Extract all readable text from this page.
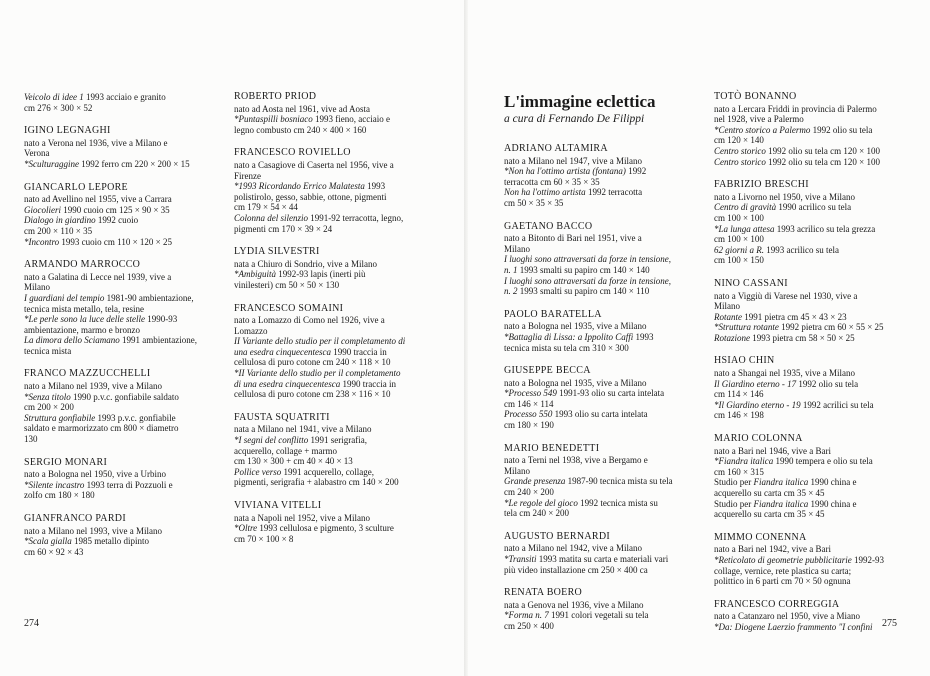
Veicolo di idee 1 1993 acciaio e granito
cm 276 × 300 × 52
IGINO LEGNAGHI
nato a Verona nel 1936, vive a Milano e
Verona
*Sculturaggine 1992 ferro cm 220 × 200 × 15
GIANCARLO LEPORE
nato ad Avellino nel 1955, vive a Carrara
Giocolieri 1990 cuoio cm 125 × 90 × 35
Dialogo in giardino 1992 cuoio
cm 200 × 110 × 35
*Incontro 1993 cuoio cm 110 × 120 × 25
ARMANDO MARROCCO
nato a Galatina di Lecce nel 1939, vive a
Milano
I guardiani del tempio 1981-90 ambientazione,
tecnica mista metallo, tela, resine
*Le perle sono la luce delle stelle 1990-93
ambientazione, marmo e bronzo
La dimora dello Sciamano 1991 ambientazione,
tecnica mista
FRANCO MAZZUCCHELLI
nato a Milano nel 1939, vive a Milano
*Senza titolo 1990 p.v.c. gonfiabile saldato
cm 200 × 200
Struttura gonfiabile 1993 p.v.c. gonfiabile
saldato e marmorizzato cm 800 × diametro
130
SERGIO MONARI
nato a Bologna nel 1950, vive a Urbino
*Silente incastro 1993 terra di Pozzuoli e
zolfo cm 180 × 180
GIANFRANCO PARDI
nato a Milano nel 1993, vive a Milano
*Scala gialla 1985 metallo dipinto
cm 60 × 92 × 43
ROBERTO PRIOD
nato ad Aosta nel 1961, vive ad Aosta
*Puntaspilli bosniaco 1993 fieno, acciaio e
legno combusto cm 240 × 400 × 160
FRANCESCO ROVIELLO
nato a Casagiove di Caserta nel 1956, vive a
Firenze
*1993 Ricordando Errico Malatesta 1993
polistirolo, gesso, sabbie, ottone, pigmenti
cm 179 × 54 × 44
Colonna del silenzio 1991-92 terracotta, legno,
pigmenti cm 170 × 39 × 24
LYDIA SILVESTRI
nata a Chiuro di Sondrio, vive a Milano
*Ambiguità 1992-93 lapis (inerti più
vinilesteri) cm 50 × 50 × 130
FRANCESCO SOMAINI
nato a Lomazzo di Como nel 1926, vive a
Lomazzo
II Variante dello studio per il completamento di
una esedra cinquecentesca 1990 traccia in
cellulosa di puro cotone cm 240 × 118 × 10
*II Variante dello studio per il completamento
di una esedra cinquecentesca 1990 traccia in
cellulosa di puro cotone cm 238 × 116 × 10
FAUSTA SQUATRITI
nata a Milano nel 1941, vive a Milano
*I segni del conflitto 1991 serigrafia,
acquerello, collage + marmo
cm 130 × 300 + cm 40 × 40 × 13
Pollice verso 1991 acquerello, collage,
pigmenti, serigrafia + alabastro cm 140 × 200
VIVIANA VITELLI
nata a Napoli nel 1952, vive a Milano
*Oltre 1993 cellulosa e pigmento, 3 sculture
cm 70 × 100 × 8
L'immagine eclettica
a cura di Fernando De Filippi
ADRIANO ALTAMIRA
nato a Milano nel 1947, vive a Milano
*Non ha l'ottimo artista (fontana) 1992
terracotta cm 60 × 35 × 35
Non ha l'ottimo artista 1992 terracotta
cm 50 × 35 × 35
GAETANO BACCO
nato a Bitonto di Bari nel 1951, vive a
Milano
I luoghi sono attraversati da forze in tensione,
n. 1 1993 smalti su papiro cm 140 × 140
I luoghi sono attraversati da forze in tensione,
n. 2 1993 smalti su papiro cm 140 × 110
PAOLO BARATELLA
nato a Bologna nel 1935, vive a Milano
*Battaglia di Lissa: a Ippolito Caffi 1993
tecnica mista su tela cm 310 × 300
GIUSEPPE BECCA
nato a Bologna nel 1935, vive a Milano
*Processo 549 1991-93 olio su carta intelata
cm 146 × 114
Processo 550 1993 olio su carta intelata
cm 180 × 190
MARIO BENEDETTI
nato a Terni nel 1938, vive a Bergamo e
Milano
Grande presenza 1987-90 tecnica mista su tela
cm 240 × 200
*Le regole del gioco 1992 tecnica mista su
tela cm 240 × 200
AUGUSTO BERNARDI
nato a Milano nel 1942, vive a Milano
*Transiti 1993 matita su carta e materiali vari
più video installazione cm 250 × 400 ca
RENATA BOERO
nata a Genova nel 1936, vive a Milano
*Forma n. 7 1991 colori vegetali su tela
cm 250 × 400
TOTÒ BONANNO
nato a Lercara Friddi in provincia di Palermo
nel 1928, vive a Palermo
*Centro storico a Palermo 1992 olio su tela
cm 120 × 140
Centro storico 1992 olio su tela cm 120 × 100
Centro storico 1992 olio su tela cm 120 × 100
FABRIZIO BRESCHI
nato a Livorno nel 1950, vive a Milano
Centro di gravità 1990 acrilico su tela
cm 100 × 100
*La lunga attesa 1993 acrilico su tela grezza
cm 100 × 100
62 giorni a R. 1993 acrilico su tela
cm 100 × 150
NINO CASSANI
nato a Viggiù di Varese nel 1930, vive a
Milano
Rotante 1991 pietra cm 45 × 43 × 23
*Struttura rotante 1992 pietra cm 60 × 55 × 25
Rotazione 1993 pietra cm 58 × 50 × 25
HSIAO CHIN
nato a Shangai nel 1935, vive a Milano
Il Giardino eterno - 17 1992 olio su tela
cm 114 × 146
*Il Giardino eterno - 19 1992 acrilici su tela
cm 146 × 198
MARIO COLONNA
nato a Bari nel 1946, vive a Bari
*Fiandra italica 1990 tempera e olio su tela
cm 160 × 315
Studio per Fiandra italica 1990 china e
acquerello su carta cm 35 × 45
Studio per Fiandra italica 1990 china e
acquerello su carta cm 35 × 45
MIMMO CONENNA
nato a Bari nel 1942, vive a Bari
*Reticolato di geometrie pubblicitarie 1992-93
collage, vernice, rete plastica su carta;
polittico in 6 parti cm 70 × 50 ognuna
FRANCESCO CORREGGIA
nato a Catanzaro nel 1950, vive a Miano
*Da: Diogene Laerzio frammento "I confini
274	275
